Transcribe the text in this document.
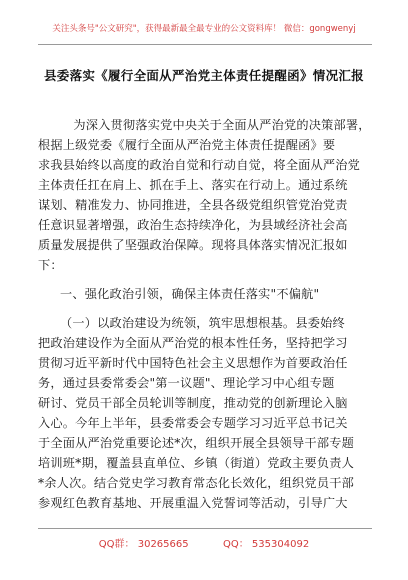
关注头条号"公文研究"，获得最新最全最专业的公文资料库！ 微信：gongwenyj
县委落实《履行全面从严治党主体责任提醒函》情况汇报
为深入贯彻落实党中央关于全面从严治党的决策部署，
根据上级党委《履行全面从严治党主体责任提醒函》要
求我县始终以高度的政治自觉和行动自觉，将全面从严治党
主体责任扛在肩上、抓在手上、落实在行动上。通过系统
谋划、精准发力、协同推进，全县各级党组织管党治党责
任意识显著增强，政治生态持续净化，为县域经济社会高
质量发展提供了坚强政治保障。现将具体落实情况汇报如
下：
一、强化政治引领，确保主体责任落实"不偏航"
（一）以政治建设为统领，筑牢思想根基。县委始终
把政治建设作为全面从严治党的根本性任务，坚持把学习
贯彻习近平新时代中国特色社会主义思想作为首要政治任
务，通过县委常委会"第一议题"、理论学习中心组专题
研讨、党员干部全员轮训等制度，推动党的创新理论入脑
入心。今年上半年，县委常委会专题学习习近平总书记关
于全面从严治党重要论述*次，组织开展全县领导干部专题
培训班*期，覆盖县直单位、乡镇（街道）党政主要负责人
*余人次。结合党史学习教育常态化长效化，组织党员干部
参观红色教育基地、开展重温入党誓词等活动，引导广大
QQ群： 30265665	QQ： 535304092
